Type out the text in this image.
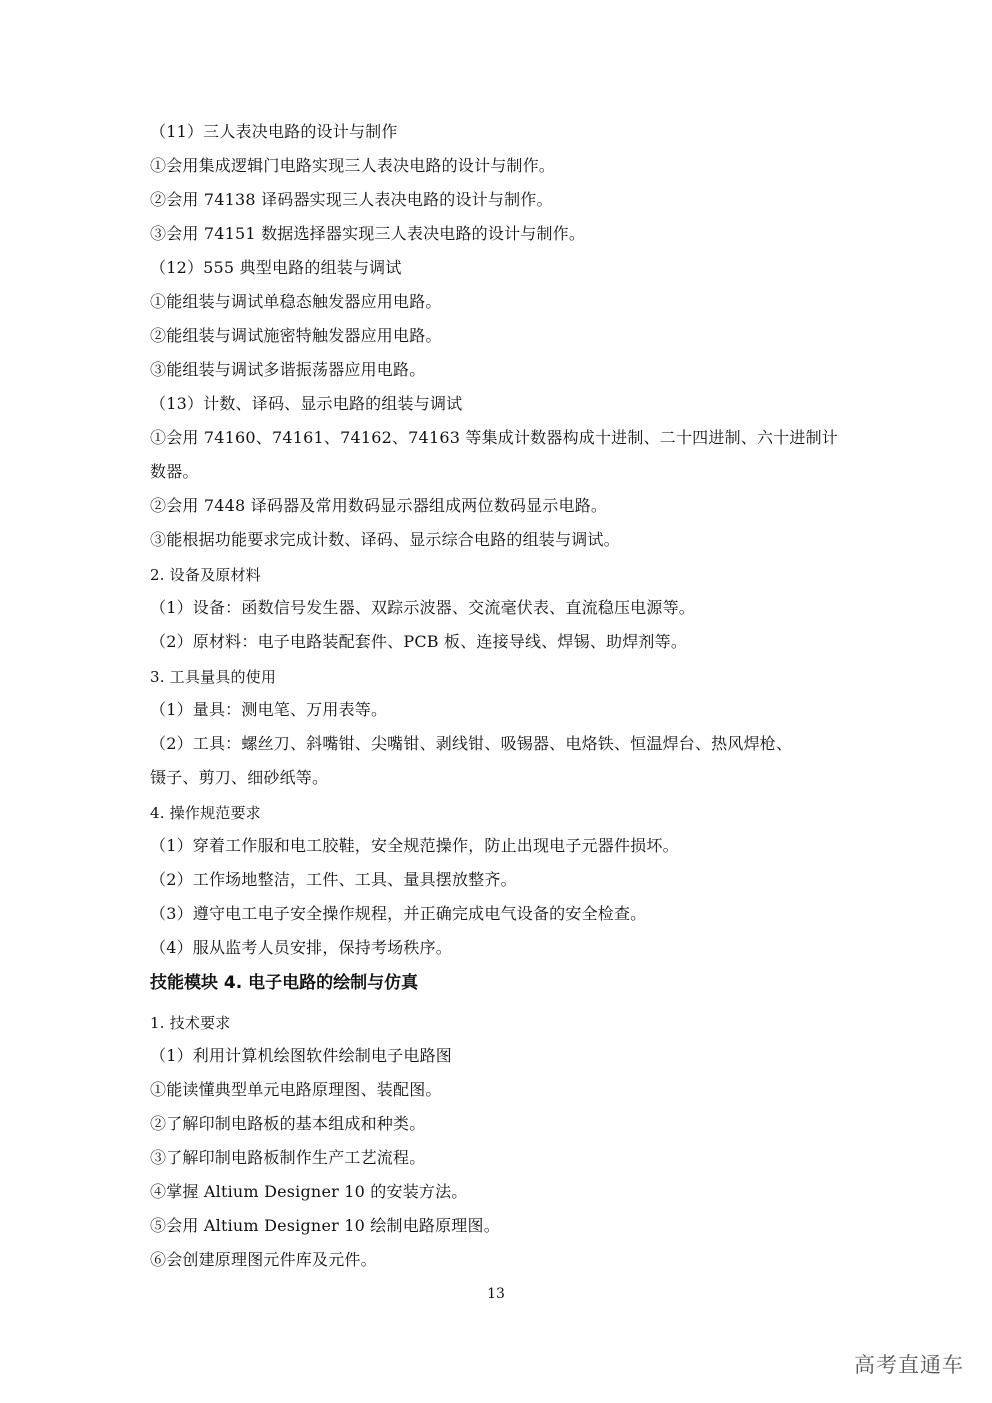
（11）三人表决电路的设计与制作
①会用集成逻辑门电路实现三人表决电路的设计与制作。
②会用 74138 译码器实现三人表决电路的设计与制作。
③会用 74151 数据选择器实现三人表决电路的设计与制作。
（12）555 典型电路的组装与调试
①能组装与调试单稳态触发器应用电路。
②能组装与调试施密特触发器应用电路。
③能组装与调试多谐振荡器应用电路。
（13）计数、译码、显示电路的组装与调试
①会用 74160、74161、74162、74163 等集成计数器构成十进制、二十四进制、六十进制计
数器。
②会用 7448 译码器及常用数码显示器组成两位数码显示电路。
③能根据功能要求完成计数、译码、显示综合电路的组装与调试。
2. 设备及原材料
（1）设备：函数信号发生器、双踪示波器、交流毫伏表、直流稳压电源等。
（2）原材料：电子电路装配套件、PCB 板、连接导线、焊锡、助焊剂等。
3. 工具量具的使用
（1）量具：测电笔、万用表等。
（2）工具：螺丝刀、斜嘴钳、尖嘴钳、剥线钳、吸锡器、电烙铁、恒温焊台、热风焊枪、
镊子、剪刀、细砂纸等。
4. 操作规范要求
（1）穿着工作服和电工胶鞋，安全规范操作，防止出现电子元器件损坏。
（2）工作场地整洁，工件、工具、量具摆放整齐。
（3）遵守电工电子安全操作规程，并正确完成电气设备的安全检查。
（4）服从监考人员安排，保持考场秩序。
技能模块 4. 电子电路的绘制与仿真
1. 技术要求
（1）利用计算机绘图软件绘制电子电路图
①能读懂典型单元电路原理图、装配图。
②了解印制电路板的基本组成和种类。
③了解印制电路板制作生产工艺流程。
④掌握 Altium Designer 10 的安装方法。
⑤会用 Altium Designer 10 绘制电路原理图。
⑥会创建原理图元件库及元件。
13
高考直通车
